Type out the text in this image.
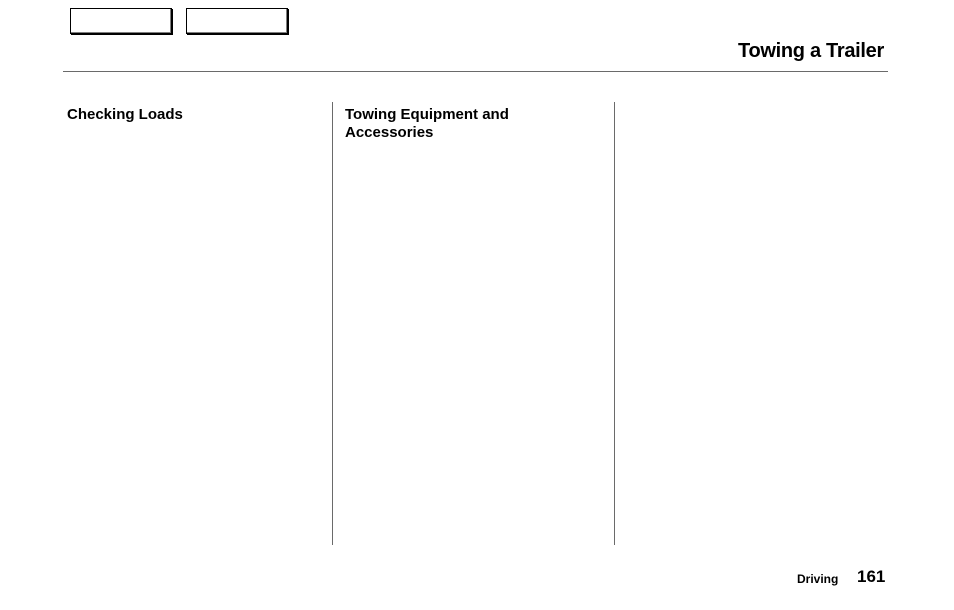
Towing a Trailer
Checking Loads	Towing Equipment and Accessories
Driving 161
